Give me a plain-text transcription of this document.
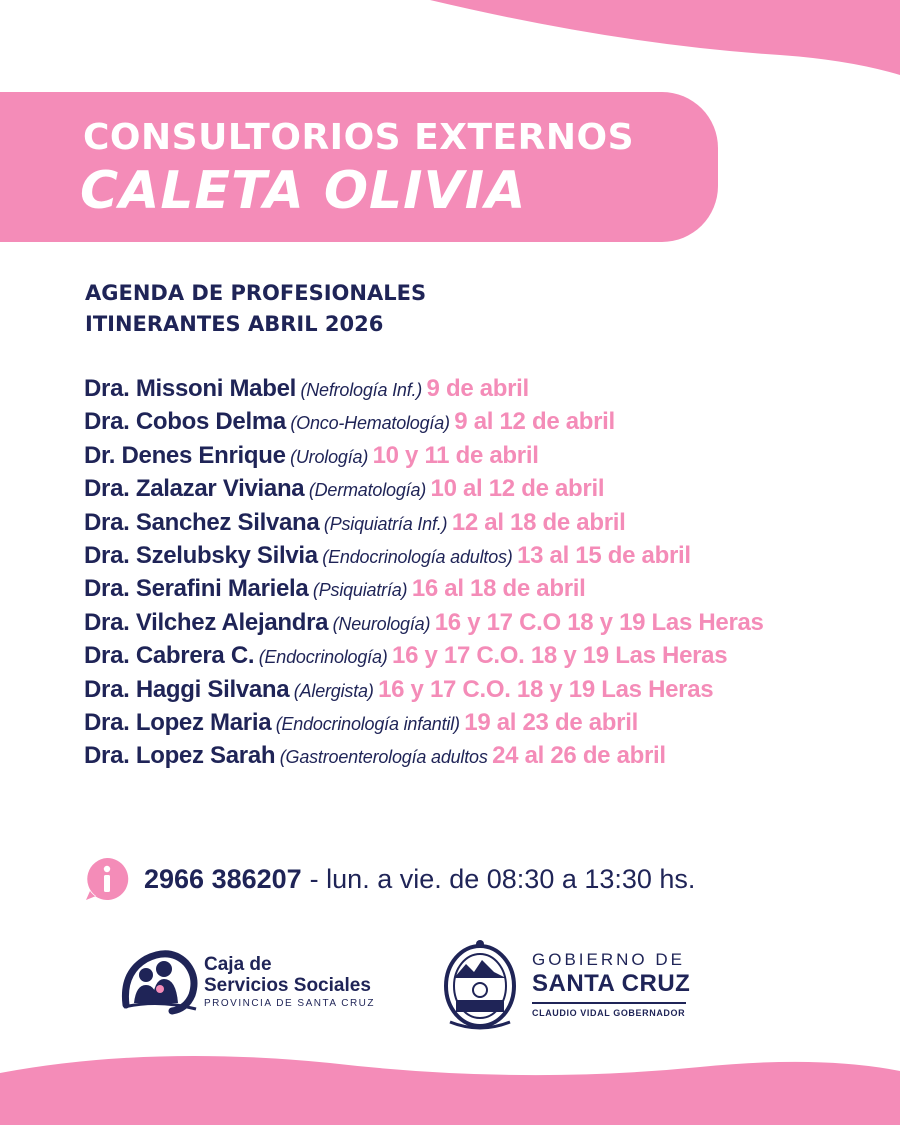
CONSULTORIOS EXTERNOS
CALETA OLIVIA
AGENDA DE PROFESIONALES
ITINERANTES ABRIL 2026
Dra. Missoni Mabel (Nefrología Inf.) 9 de abril
Dra. Cobos Delma (Onco-Hematología) 9 al 12 de abril
Dr. Denes Enrique (Urología) 10 y 11 de abril
Dra. Zalazar Viviana (Dermatología) 10 al 12 de abril
Dra. Sanchez Silvana (Psiquiatría Inf.) 12 al 18 de abril
Dra. Szelubsky Silvia (Endocrinología adultos) 13 al 15 de abril
Dra. Serafini Mariela (Psiquiatría) 16 al 18 de abril
Dra. Vilchez Alejandra (Neurología) 16 y 17 C.O 18 y 19 Las Heras
Dra. Cabrera C. (Endocrinología) 16 y 17 C.O. 18 y 19 Las Heras
Dra. Haggi Silvana (Alergista) 16 y 17 C.O. 18 y 19 Las Heras
Dra. Lopez Maria (Endocrinología infantil) 19 al 23 de abril
Dra. Lopez Sarah (Gastroenterología adultos 24 al 26 de abril
2966 386207 - lun. a vie. de 08:30 a 13:30 hs.
Caja de
Servicios Sociales
PROVINCIA DE SANTA CRUZ
GOBIERNO DE
SANTA CRUZ
CLAUDIO VIDAL GOBERNADOR
